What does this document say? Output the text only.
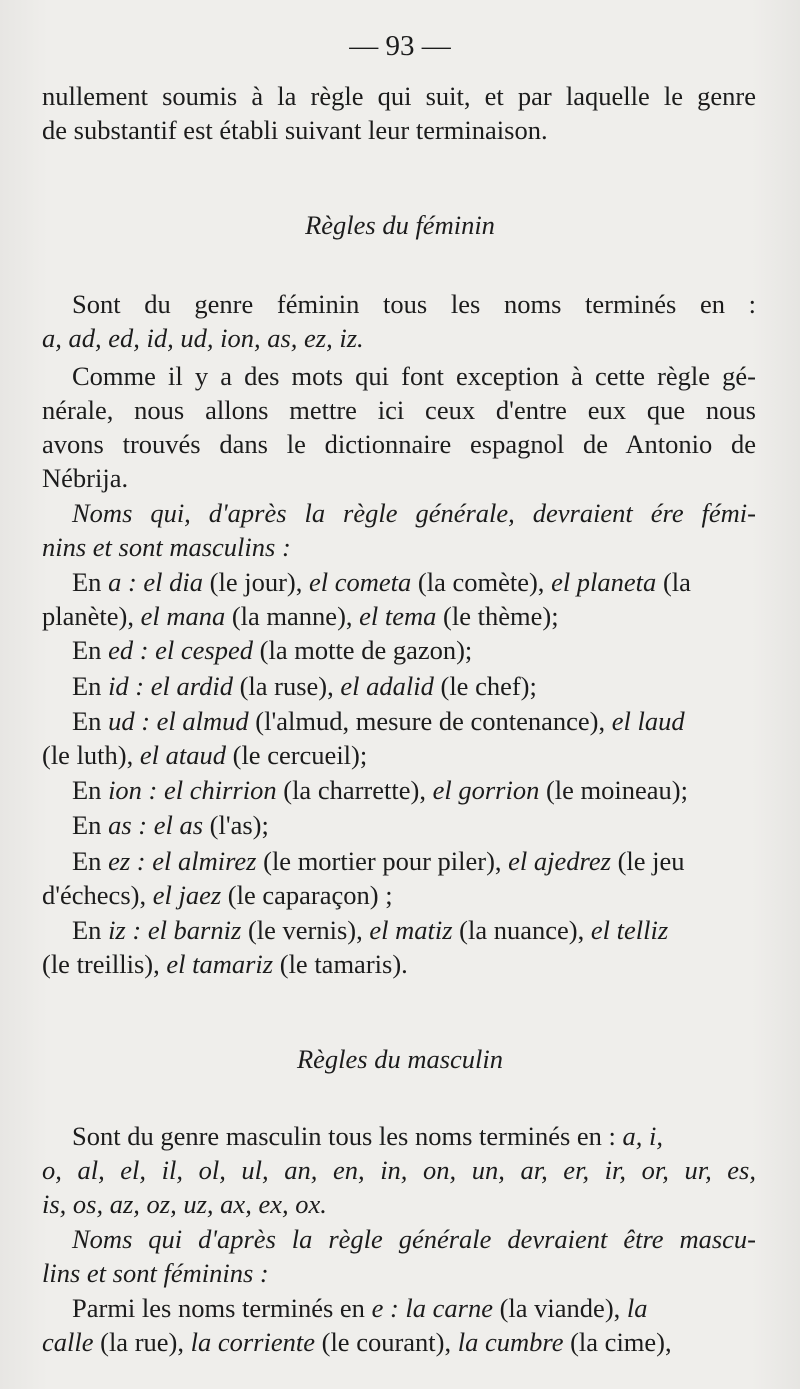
— 93 —
nullement soumis à la règle qui suit, et par laquelle le genre
de substantif est établi suivant leur terminaison.
Règles du féminin
Sont du genre féminin tous les noms terminés en :
a, ad, ed, id, ud, ion, as, ez, iz.
Comme il y a des mots qui font exception à cette règle gé-
nérale, nous allons mettre ici ceux d'entre eux que nous
avons trouvés dans le dictionnaire espagnol de Antonio de
Nébrija.
Noms qui, d'après la règle générale, devraient ére fémi-
nins et sont masculins :
En a : el dia (le jour), el cometa (la comète), el planeta (la
planète), el mana (la manne), el tema (le thème);
En ed : el cesped (la motte de gazon);
En id : el ardid (la ruse), el adalid (le chef);
En ud : el almud (l'almud, mesure de contenance), el laud
(le luth), el ataud (le cercueil);
En ion : el chirrion (la charrette), el gorrion (le moineau);
En as : el as (l'as);
En ez : el almirez (le mortier pour piler), el ajedrez (le jeu
d'échecs), el jaez (le caparaçon) ;
En iz : el barniz (le vernis), el matiz (la nuance), el telliz
(le treillis), el tamariz (le tamaris).
Règles du masculin
Sont du genre masculin tous les noms terminés en : a, i,
o, al, el, il, ol, ul, an, en, in, on, un, ar, er, ir, or, ur, es,
is, os, az, oz, uz, ax, ex, ox.
Noms qui d'après la règle générale devraient être mascu-
lins et sont féminins :
Parmi les noms terminés en e : la carne (la viande), la
calle (la rue), la corriente (le courant), la cumbre (la cime),
